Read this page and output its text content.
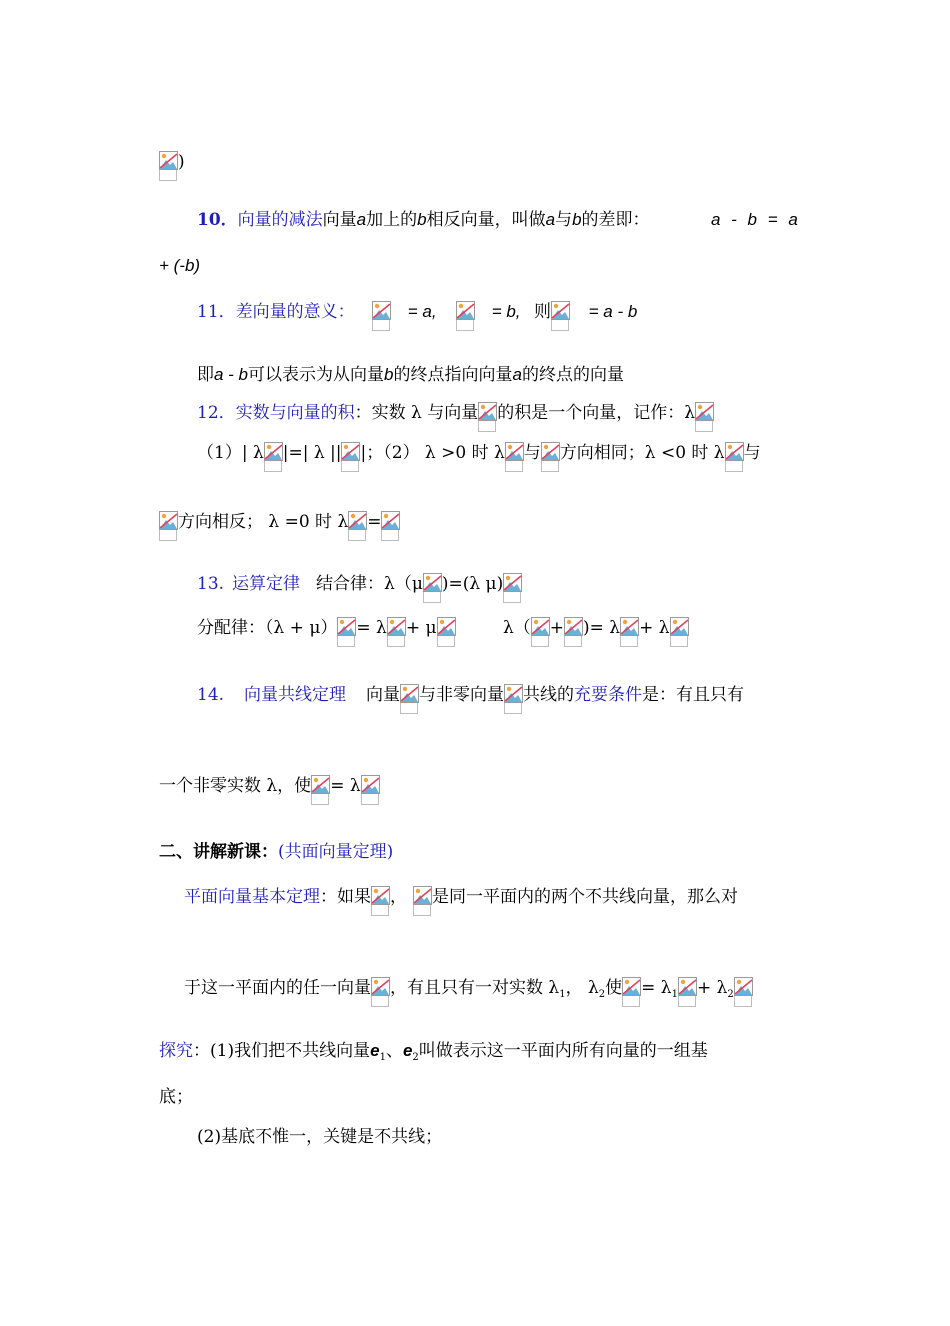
)
10．向量的减法向量a加上的b相反向量，叫做a与b的差即：	a - b = a
+ (-b)
11．差向量的意义：	= a,	= b, 则
= a - b
即a - b可以表示为从向量b的终点指向向量a的终点的向量
12．实数与向量的积：实数 λ 与向量 的积是一个向量，记作：λ
（1）| λ |=| λ || |；（2） λ >0 时 λ 与 方向相同；λ <0 时 λ 与
方向相反； λ =0 时 λ =
13. 运算定律 结合律：λ（μ )=(λ μ)
分配律：（λ + μ） = λ + μ	λ（ + )= λ + λ
14. 向量共线定理 向量 与非零向量 共线的充要条件是：有且只有
一个非零实数 λ，使 = λ
二、讲解新课：(共面向量定理)
平面向量基本定理：如果 ， 是同一平面内的两个不共线向量，那么对
于这一平面内的任一向量 ，有且只有一对实数 $\lambda_1$， $\lambda_2$使 = $\lambda_1 + \lambda_2$
探究：(1)我们把不共线向量$e_1$、$e_2$叫做表示这一平面内所有向量的一组基
底；
(2)基底不惟一，关键是不共线；
